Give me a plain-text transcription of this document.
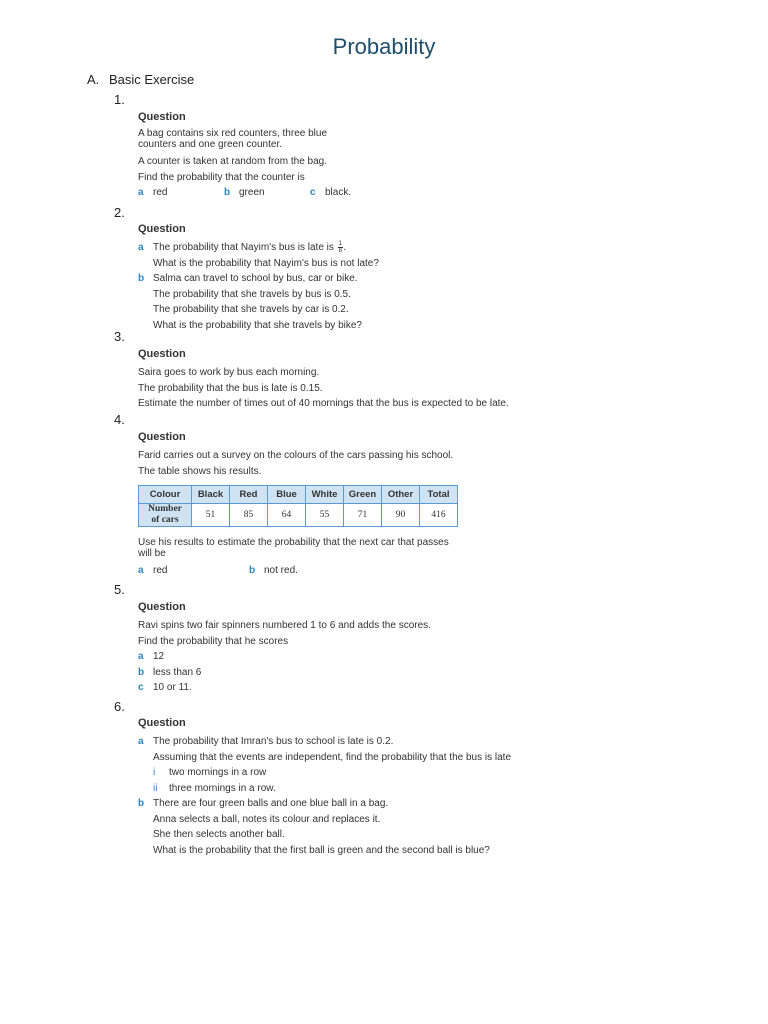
Probability
A. Basic Exercise
1.
Question
A bag contains six red counters, three blue
counters and one green counter.
A counter is taken at random from the bag.
Find the probability that the counter is
a red	b green	c black.
2.
Question
a The probability that Nayim's bus is late is $\frac{1}{8}$ .
What is the probability that Nayim's bus is not late?
b Salma can travel to school by bus, car or bike.
The probability that she travels by bus is 0.5.
The probability that she travels by car is 0.2.
What is the probability that she travels by bike?
3.
Question
Saira goes to work by bus each morning.
The probability that the bus is late is 0.15.
Estimate the number of times out of 40 mornings that the bus is expected to be late.
4.
Question
Farid carries out a survey on the colours of the cars passing his school.
The table shows his results.
Colour	Black	Red	Blue	White	Green	Other	Total

Number
of cars	51	85	64	55	71	90	416
Use his results to estimate the probability that the next car that passes
will be
a red	b not red.
5.
Question
Ravi spins two fair spinners numbered 1 to 6 and adds the scores.
Find the probability that he scores
a 12
b less than 6
c 10 or 11.
6.
Question
a The probability that Imran's bus to school is late is 0.2.
Assuming that the events are independent, find the probability that the bus is late
i two mornings in a row
ii three mornings in a row.
b There are four green balls and one blue ball in a bag.
Anna selects a ball, notes its colour and replaces it.
She then selects another ball.
What is the probability that the first ball is green and the second ball is blue?
